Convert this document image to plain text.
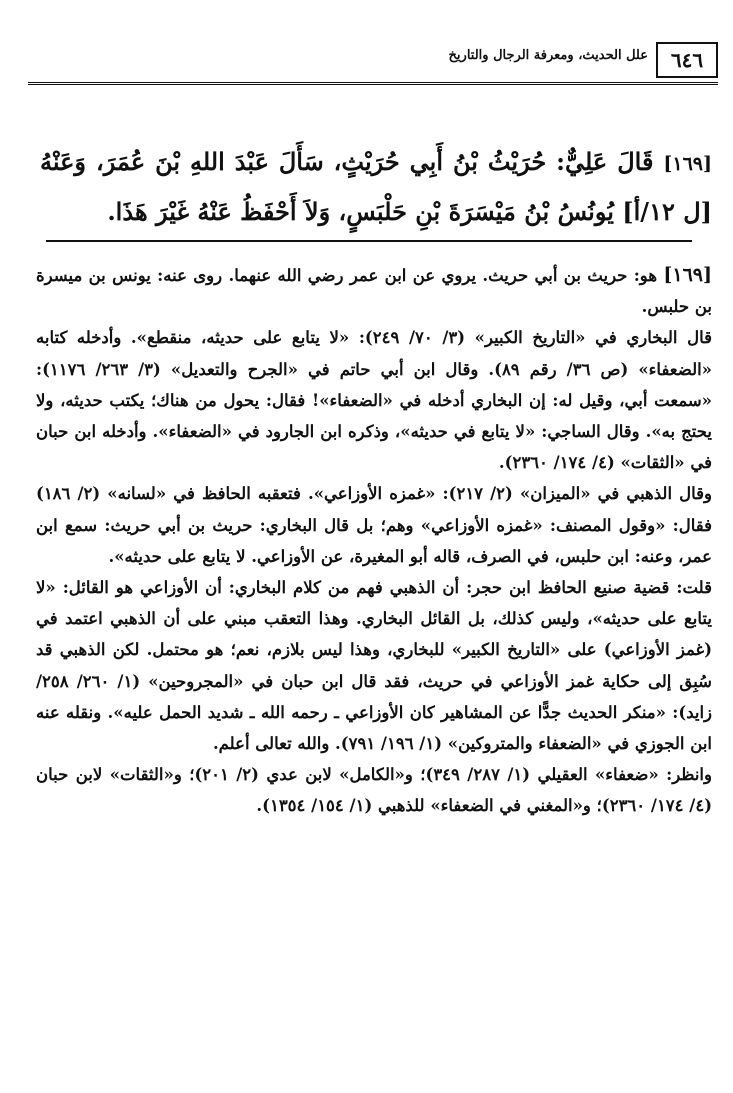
٦٤٦
علل الحديث، ومعرفة الرجال والتاريخ
[١٦٩] قَالَ عَلِيٌّ: حُرَيْثُ بْنُ أَبِي حُرَيْثٍ، سَأَلَ عَبْدَ اللهِ بْنَ عُمَرَ، وَعَنْهُ [ل ١٢/أ] يُونُسُ بْنُ مَيْسَرَةَ بْنِ حَلْبَسٍ، وَلاَ أَحْفَظُ عَنْهُ غَيْرَ هَذَا.

[١٦٩] هو: حريث بن أبي حريث. يروي عن ابن عمر رضي الله عنهما. روى عنه: يونس بن ميسرة بن حلبس.

قال البخاري في «التاريخ الكبير» (٣/ ٧٠/ ٢٤٩): «لا يتابع على حديثه، منقطع». وأدخله كتابه «الضعفاء» (ص ٣٦/ رقم ٨٩). وقال ابن أبي حاتم في «الجرح والتعديل» (٣/ ٢٦٣/ ١١٧٦): «سمعت أبي، وقيل له: إن البخاري أدخله في «الضعفاء»! فقال: يحول من هناك؛ يكتب حديثه، ولا يحتج به». وقال الساجي: «لا يتابع في حديثه»، وذكره ابن الجارود في «الضعفاء». وأدخله ابن حبان في «الثقات» (٤/ ١٧٤/ ٢٣٦٠).

وقال الذهبي في «الميزان» (٢/ ٢١٧): «غمزه الأوزاعي». فتعقبه الحافظ في «لسانه» (٢/ ١٨٦) فقال: «وقول المصنف: «غمزه الأوزاعي» وهم؛ بل قال البخاري: حريث بن أبي حريث: سمع ابن عمر، وعنه: ابن حلبس، في الصرف، قاله أبو المغيرة، عن الأوزاعي. لا يتابع على حديثه».

قلت: قضية صنيع الحافظ ابن حجر: أن الذهبي فهم من كلام البخاري: أن الأوزاعي هو القائل: «لا يتابع على حديثه»، وليس كذلك، بل القائل البخاري. وهذا التعقب مبني على أن الذهبي اعتمد في (غمز الأوزاعي) على «التاريخ الكبير» للبخاري، وهذا ليس بلازم، نعم؛ هو محتمل. لكن الذهبي قد سُبِق إلى حكاية غمز الأوزاعي في حريث، فقد قال ابن حبان في «المجروحين» (١/ ٢٦٠/ ٢٥٨/ زايد): «منكر الحديث جدًّا عن المشاهير كان الأوزاعي ـ رحمه الله ـ شديد الحمل عليه». ونقله عنه ابن الجوزي في «الضعفاء والمتروكين» (١/ ١٩٦/ ٧٩١). والله تعالى أعلم.

وانظر: «ضعفاء» العقيلي (١/ ٢٨٧/ ٣٤٩)؛ و«الكامل» لابن عدي (٢/ ٢٠١)؛ و«الثقات» لابن حبان (٤/ ١٧٤/ ٢٣٦٠)؛ و«المغني في الضعفاء» للذهبي (١/ ١٥٤/ ١٣٥٤).
